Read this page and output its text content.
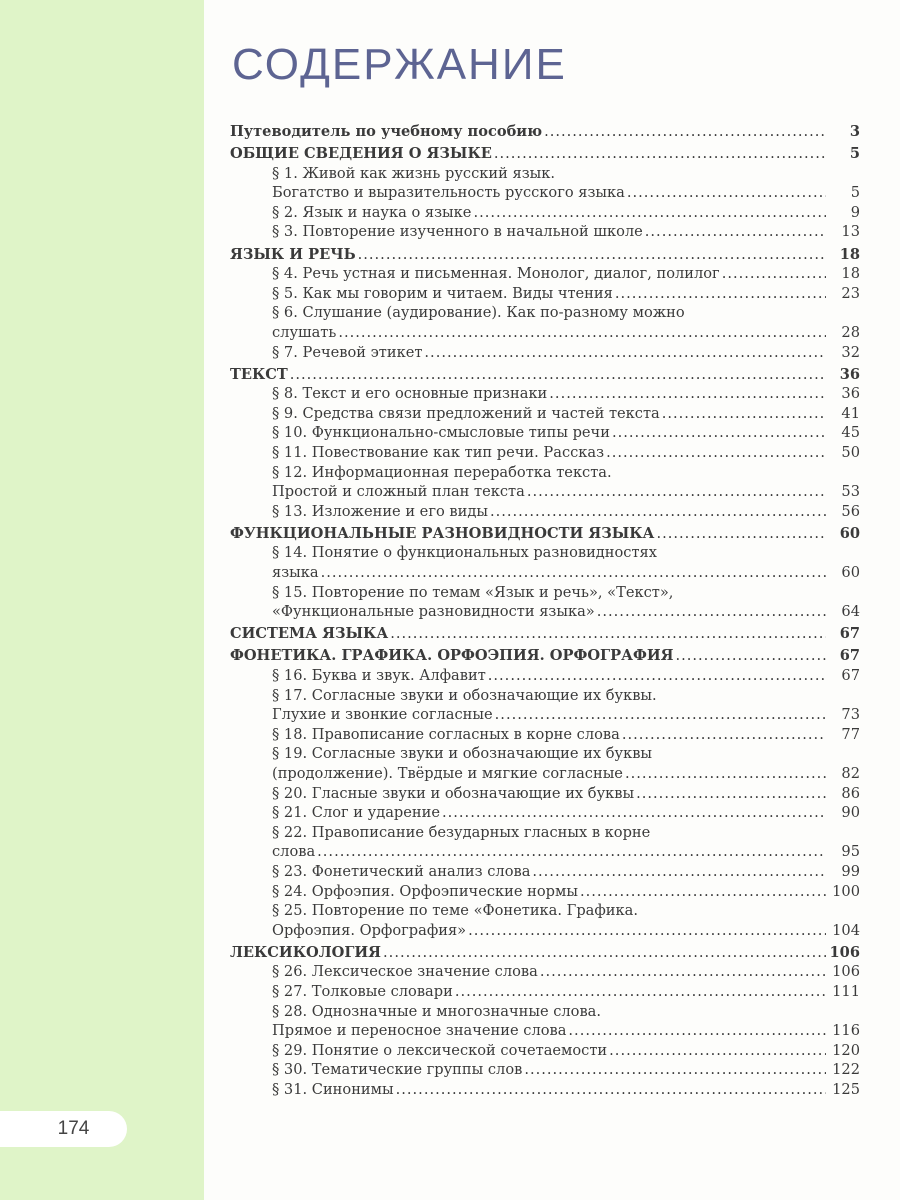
174
СОДЕРЖАНИЕ
Путеводитель по учебному пособию .....	3
ОБЩИЕ СВЕДЕНИЯ О ЯЗЫКЕ .....	5
§ 1. Живой как жизнь русский язык.
Богатство и выразительность русского языка .....	5
§ 2. Язык и наука о языке .....	9
§ 3. Повторение изученного в начальной школе .....	13
ЯЗЫК И РЕЧЬ .....	18
§ 4. Речь устная и письменная. Монолог, диалог, полилог .....	18
§ 5. Как мы говорим и читаем. Виды чтения .....	23
§ 6. Слушание (аудирование). Как по-разному можно
слушать .....	28
§ 7. Речевой этикет .....	32
ТЕКСТ .....	36
§ 8. Текст и его основные признаки .....	36
§ 9. Средства связи предложений и частей текста .....	41
§ 10. Функционально-смысловые типы речи .....	45
§ 11. Повествование как тип речи. Рассказ .....	50
§ 12. Информационная переработка текста.
Простой и сложный план текста .....	53
§ 13. Изложение и его виды .....	56
ФУНКЦИОНАЛЬНЫЕ РАЗНОВИДНОСТИ ЯЗЫКА .....	60
§ 14. Понятие о функциональных разновидностях
языка .....	60
§ 15. Повторение по темам «Язык и речь», «Текст»,
«Функциональные разновидности языка» .....	64
СИСТЕМА ЯЗЫКА .....	67
ФОНЕТИКА. ГРАФИКА. ОРФОЭПИЯ. ОРФОГРАФИЯ .....	67
§ 16. Буква и звук. Алфавит .....	67
§ 17. Согласные звуки и обозначающие их буквы.
Глухие и звонкие согласные .....	73
§ 18. Правописание согласных в корне слова .....	77
§ 19. Согласные звуки и обозначающие их буквы
(продолжение). Твёрдые и мягкие согласные .....	82
§ 20. Гласные звуки и обозначающие их буквы .....	86
§ 21. Слог и ударение .....	90
§ 22. Правописание безударных гласных в корне
слова .....	95
§ 23. Фонетический анализ слова .....	99
§ 24. Орфоэпия. Орфоэпические нормы .....	100
§ 25. Повторение по теме «Фонетика. Графика.
Орфоэпия. Орфография» .....	104
ЛЕКСИКОЛОГИЯ .....	106
§ 26. Лексическое значение слова .....	106
§ 27. Толковые словари .....	111
§ 28. Однозначные и многозначные слова.
Прямое и переносное значение слова .....	116
§ 29. Понятие о лексической сочетаемости .....	120
§ 30. Тематические группы слов .....	122
§ 31. Синонимы .....	125
